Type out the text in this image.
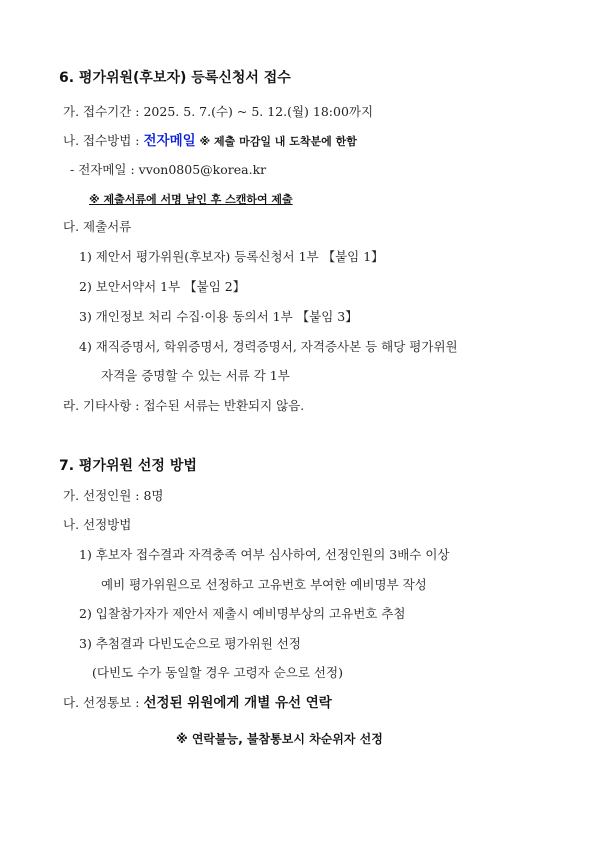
6. 평가위원(후보자) 등록신청서 접수
가. 접수기간 : 2025. 5. 7.(수) ~ 5. 12.(월) 18:00까지
나. 접수방법 : 전자메일 ※ 제출 마감일 내 도착분에 한함
- 전자메일 : vvon0805@korea.kr
※ 제출서류에 서명 날인 후 스캔하여 제출
다. 제출서류
1) 제안서 평가위원(후보자) 등록신청서 1부 【붙임 1】
2) 보안서약서 1부 【붙임 2】
3) 개인정보 처리 수집·이용 동의서 1부 【붙임 3】
4) 재직증명서, 학위증명서, 경력증명서, 자격증사본 등 해당 평가위원
자격을 증명할 수 있는 서류 각 1부
라. 기타사항 : 접수된 서류는 반환되지 않음.
7. 평가위원 선정 방법
가. 선정인원 : 8명
나. 선정방법
1) 후보자 접수결과 자격충족 여부 심사하여, 선정인원의 3배수 이상
예비 평가위원으로 선정하고 고유번호 부여한 예비명부 작성
2) 입찰참가자가 제안서 제출시 예비명부상의 고유번호 추첨
3) 추첨결과 다빈도순으로 평가위원 선정
(다빈도 수가 동일할 경우 고령자 순으로 선정)
다. 선정통보 : 선정된 위원에게 개별 유선 연락
※ 연락불능, 불참통보시 차순위자 선정
